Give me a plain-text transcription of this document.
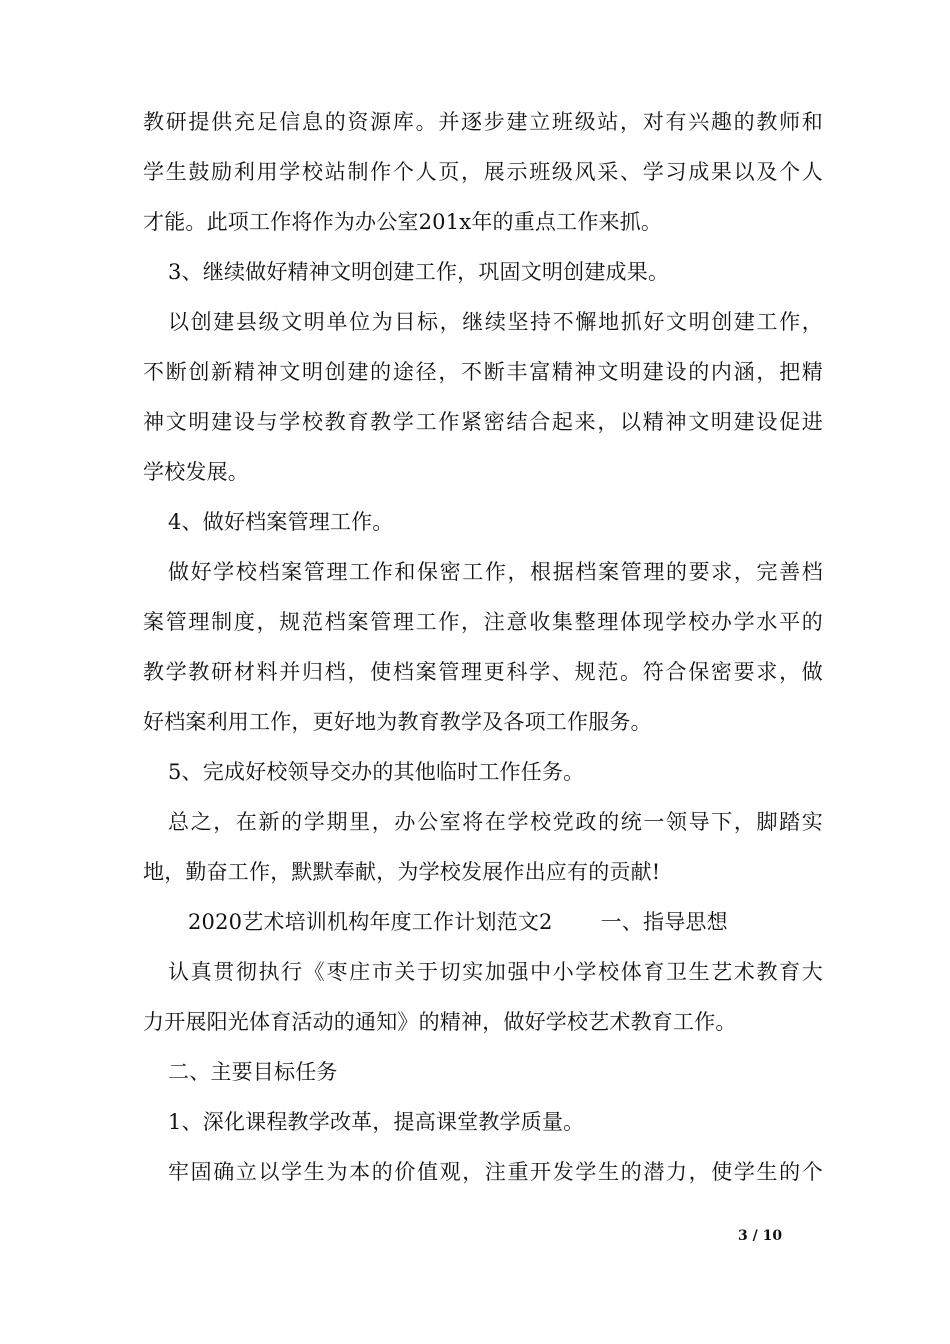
教研提供充足信息的资源库。并逐步建立班级站，对有兴趣的教师和
学生鼓励利用学校站制作个人页，展示班级风采、学习成果以及个人
才能。此项工作将作为办公室201x年的重点工作来抓。
3、继续做好精神文明创建工作，巩固文明创建成果。
以创建县级文明单位为目标，继续坚持不懈地抓好文明创建工作，
不断创新精神文明创建的途径，不断丰富精神文明建设的内涵，把精
神文明建设与学校教育教学工作紧密结合起来，以精神文明建设促进
学校发展。
4、做好档案管理工作。
做好学校档案管理工作和保密工作，根据档案管理的要求，完善档
案管理制度，规范档案管理工作，注意收集整理体现学校办学水平的
教学教研材料并归档，使档案管理更科学、规范。符合保密要求，做
好档案利用工作，更好地为教育教学及各项工作服务。
5、完成好校领导交办的其他临时工作任务。
总之，在新的学期里，办公室将在学校党政的统一领导下，脚踏实
地，勤奋工作，默默奉献，为学校发展作出应有的贡献!
2020艺术培训机构年度工作计划范文2 一、指导思想
认真贯彻执行《枣庄市关于切实加强中小学校体育卫生艺术教育大
力开展阳光体育活动的通知》的精神，做好学校艺术教育工作。
二、主要目标任务
1、深化课程教学改革，提高课堂教学质量。
牢固确立以学生为本的价值观，注重开发学生的潜力，使学生的个
3 / 10
